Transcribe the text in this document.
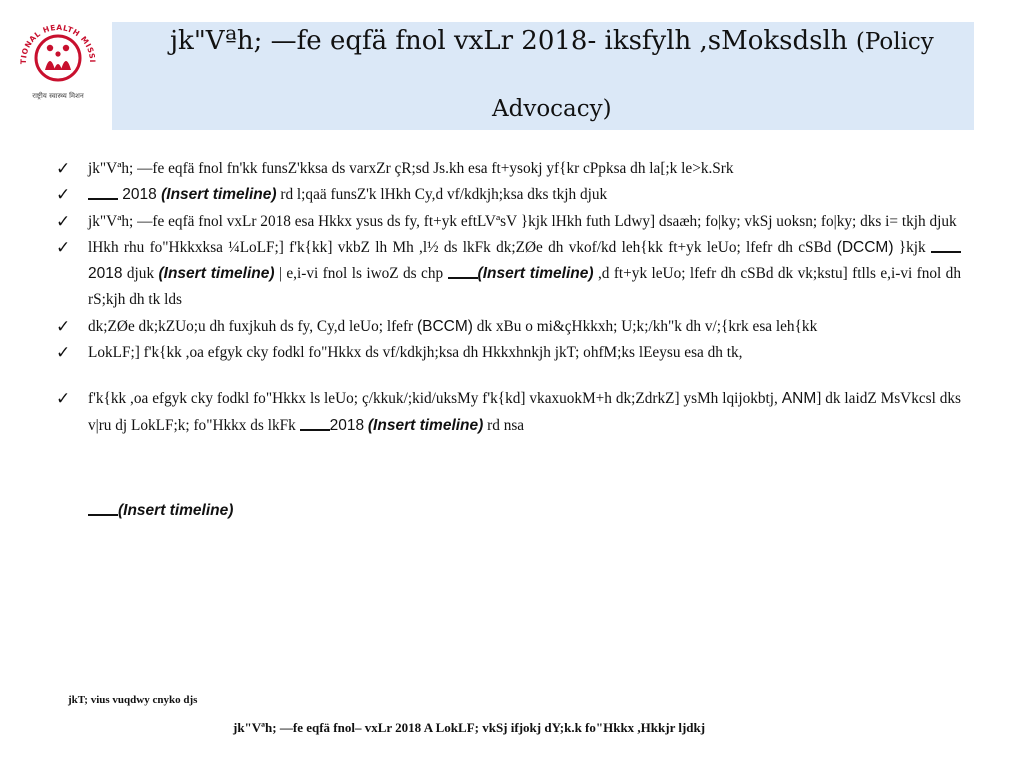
TIONAL HEALTH MISSI
राष्ट्रीय स्वास्थ्य मिशन
jk"Vªh; —fe eqfä fnol vxLr 2018- iksfylh ,sMoksdslh (Policy
Advocacy)
✓ jk"Vªh; —fe eqfä fnol fn'kk funsZ'kksa ds varxZr çR;sd Js.kh esa ft+ysokj yf{kr cPpksa dh la[;k le>k.Srk
✓	2018 (Insert timeline) rd l;qaä funsZ'k lHkh Cy,d vf/kdkjh;ksa dks tkjh djuk
✓ jk"Vªh; —fe eqfä fnol vxLr 2018 esa Hkkx ysus ds fy, ft+yk eftLVªsV }kjk lHkh futh Ldwy] dsaæh; fo|ky; vkSj uoksn; fo|ky; dks i= tkjh djuk
✓ lHkh rhu fo"Hkkxksa ¼LoLF;] f'k{kk] vkbZ lh Mh ,l½ ds lkFk dk;ZØe dh vkof/kd leh{kk ft+yk leUo; lfefr dh cSBd (DCCM) }kjk 2018 djuk (Insert timeline) | e,i-vi fnol ls iwoZ ds chp (Insert timeline) ,d ft+yk leUo; lfefr dh cSBd dk vk;kstu] ftlls e,i-vi fnol dh rS;kjh dh tk lds
✓ dk;ZØe dk;kZUo;u dh fuxjkuh ds fy, Cy,d leUo; lfefr (BCCM) dk xBu o mi&çHkkxh; U;k;/kh"k dh v/;{krk esa leh{kk
✓ LokLF;] f'k{kk ,oa efgyk cky fodkl fo"Hkkx ds vf/kdkjh;ksa dh Hkkxhnkjh jkT; ohfM;ks lEeysu esa dh tk,
✓ f'k{kk ,oa efgyk cky fodkl fo"Hkkx ls leUo; ç/kkuk/;kid/uksMy f'k{kd] vkaxuokM+h dk;ZdrkZ] ysMh lqijokbtj, ANM] dk laidZ MsVkcsl dks v|ru dj LokLF;k; fo"Hkkx ds lkFk 2018 (Insert timeline) rd nsa
(Insert timeline)
jkT; vius vuqdwy cnyko djs
jk"Vªh; —fe eqfä fnol– vxLr 2018 A LokLF; vkSj ifjokj dY;k.k fo"Hkkx ,Hkkjr ljdkj
